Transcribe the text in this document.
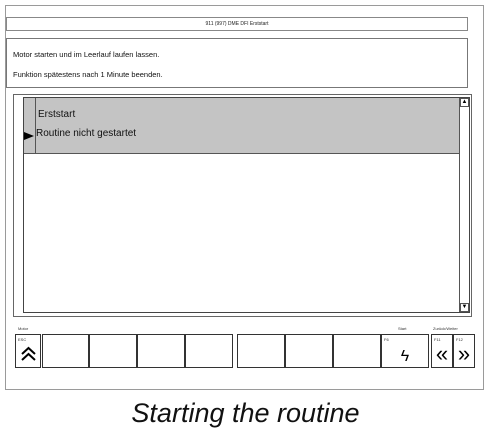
911 (997) DME DFI Erststart
Motor starten und im Leerlauf laufen lassen.
Funktion spätestens nach 1 Minute beenden.
Erststart
Routine nicht gestartet
▲
▼
Motor	Start	Zurück/Weiter
ESC	F6
ϟ
F11
«
F12
»
Starting the routine
